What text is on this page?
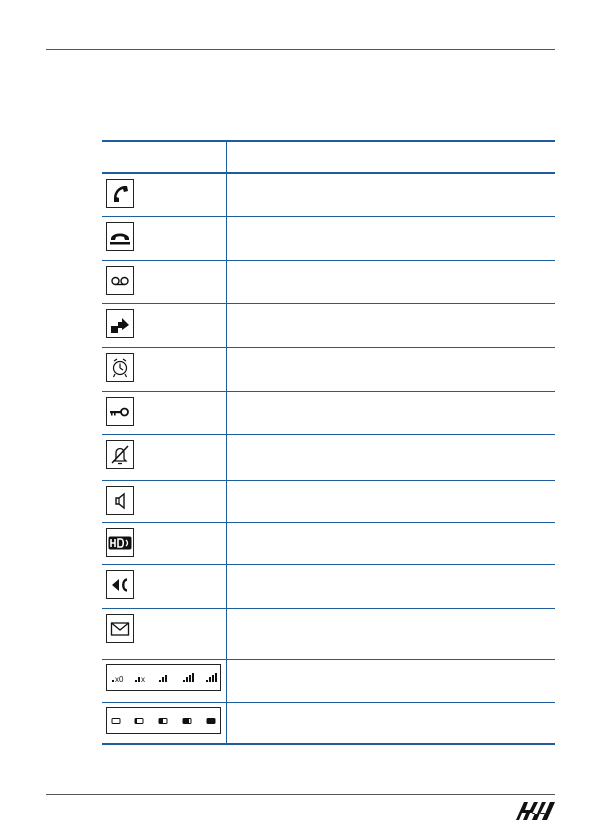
x0 x
